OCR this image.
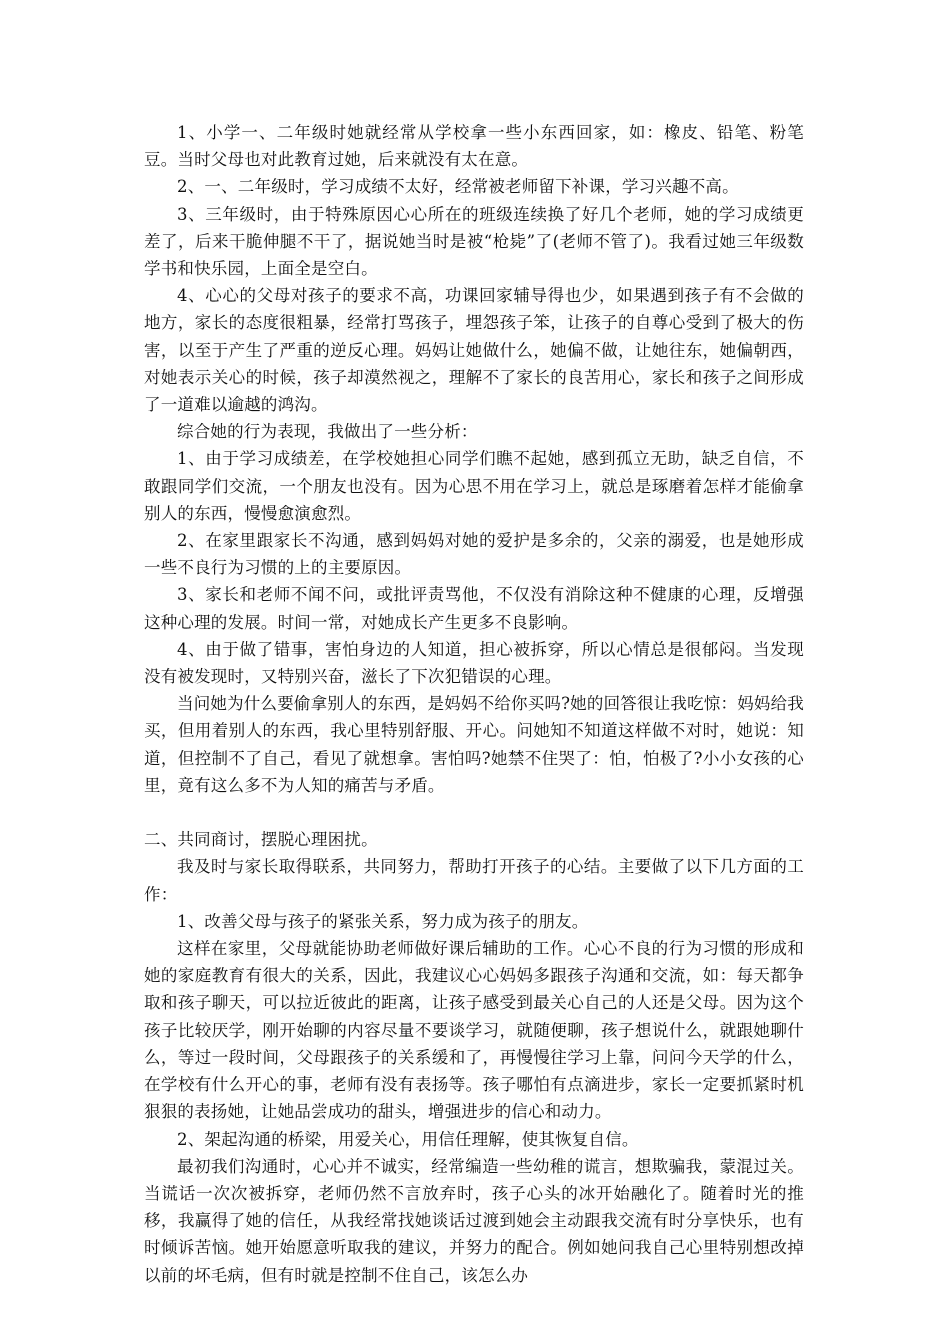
1、小学一、二年级时她就经常从学校拿一些小东西回家，如：橡皮、铅笔、粉笔豆。当时父母也对此教育过她，后来就没有太在意。

2、一、二年级时，学习成绩不太好，经常被老师留下补课，学习兴趣不高。

3、三年级时，由于特殊原因心心所在的班级连续换了好几个老师，她的学习成绩更差了，后来干脆伸腿不干了，据说她当时是被“枪毙”了(老师不管了)。我看过她三年级数学书和快乐园，上面全是空白。

4、心心的父母对孩子的要求不高，功课回家辅导得也少，如果遇到孩子有不会做的地方，家长的态度很粗暴，经常打骂孩子，埋怨孩子笨，让孩子的自尊心受到了极大的伤害，以至于产生了严重的逆反心理。妈妈让她做什么，她偏不做，让她往东，她偏朝西，对她表示关心的时候，孩子却漠然视之，理解不了家长的良苦用心，家长和孩子之间形成了一道难以逾越的鸿沟。

综合她的行为表现，我做出了一些分析：

1、由于学习成绩差，在学校她担心同学们瞧不起她，感到孤立无助，缺乏自信，不敢跟同学们交流，一个朋友也没有。因为心思不用在学习上，就总是琢磨着怎样才能偷拿别人的东西，慢慢愈演愈烈。

2、在家里跟家长不沟通，感到妈妈对她的爱护是多余的，父亲的溺爱，也是她形成一些不良行为习惯的上的主要原因。

3、家长和老师不闻不问，或批评责骂他，不仅没有消除这种不健康的心理，反增强这种心理的发展。时间一常，对她成长产生更多不良影响。

4、由于做了错事，害怕身边的人知道，担心被拆穿，所以心情总是很郁闷。当发现没有被发现时，又特别兴奋，滋长了下次犯错误的心理。

当问她为什么要偷拿别人的东西，是妈妈不给你买吗?她的回答很让我吃惊：妈妈给我买，但用着别人的东西，我心里特别舒服、开心。问她知不知道这样做不对时，她说：知道，但控制不了自己，看见了就想拿。害怕吗?她禁不住哭了：怕，怕极了?小小女孩的心里，竟有这么多不为人知的痛苦与矛盾。

二、共同商讨，摆脱心理困扰。

我及时与家长取得联系，共同努力，帮助打开孩子的心结。主要做了以下几方面的工作：

1、改善父母与孩子的紧张关系，努力成为孩子的朋友。

这样在家里，父母就能协助老师做好课后辅助的工作。心心不良的行为习惯的形成和她的家庭教育有很大的关系，因此，我建议心心妈妈多跟孩子沟通和交流，如：每天都争取和孩子聊天，可以拉近彼此的距离，让孩子感受到最关心自己的人还是父母。因为这个孩子比较厌学，刚开始聊的内容尽量不要谈学习，就随便聊，孩子想说什么，就跟她聊什么，等过一段时间，父母跟孩子的关系缓和了，再慢慢往学习上靠，问问今天学的什么，在学校有什么开心的事，老师有没有表扬等。孩子哪怕有点滴进步，家长一定要抓紧时机狠狠的表扬她，让她品尝成功的甜头，增强进步的信心和动力。

2、架起沟通的桥梁，用爱关心，用信任理解，使其恢复自信。

最初我们沟通时，心心并不诚实，经常编造一些幼稚的谎言，想欺骗我，蒙混过关。当谎话一次次被拆穿，老师仍然不言放弃时，孩子心头的冰开始融化了。随着时光的推移，我赢得了她的信任，从我经常找她谈话过渡到她会主动跟我交流有时分享快乐，也有时倾诉苦恼。她开始愿意听取我的建议，并努力的配合。例如她问我自己心里特别想改掉以前的坏毛病，但有时就是控制不住自己，该怎么办
